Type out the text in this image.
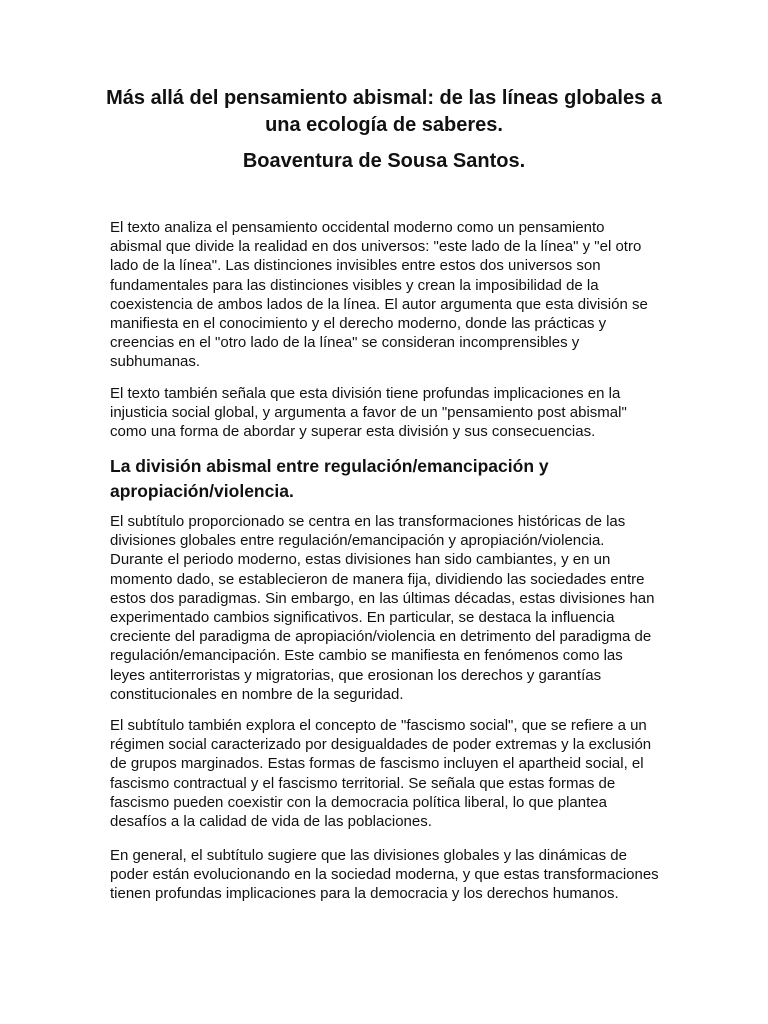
Más allá del pensamiento abismal: de las líneas globales a una ecología de saberes.
Boaventura de Sousa Santos.

El texto analiza el pensamiento occidental moderno como un pensamiento abismal que divide la realidad en dos universos: "este lado de la línea" y "el otro lado de la línea". Las distinciones invisibles entre estos dos universos son fundamentales para las distinciones visibles y crean la imposibilidad de la coexistencia de ambos lados de la línea. El autor argumenta que esta división se manifiesta en el conocimiento y el derecho moderno, donde las prácticas y creencias en el "otro lado de la línea" se consideran incomprensibles y subhumanas.

El texto también señala que esta división tiene profundas implicaciones en la injusticia social global, y argumenta a favor de un "pensamiento post abismal" como una forma de abordar y superar esta división y sus consecuencias.

La división abismal entre regulación/emancipación y apropiación/violencia.

El subtítulo proporcionado se centra en las transformaciones históricas de las divisiones globales entre regulación/emancipación y apropiación/violencia. Durante el periodo moderno, estas divisiones han sido cambiantes, y en un momento dado, se establecieron de manera fija, dividiendo las sociedades entre estos dos paradigmas. Sin embargo, en las últimas décadas, estas divisiones han experimentado cambios significativos. En particular, se destaca la influencia creciente del paradigma de apropiación/violencia en detrimento del paradigma de regulación/emancipación. Este cambio se manifiesta en fenómenos como las leyes antiterroristas y migratorias, que erosionan los derechos y garantías constitucionales en nombre de la seguridad.

El subtítulo también explora el concepto de "fascismo social", que se refiere a un régimen social caracterizado por desigualdades de poder extremas y la exclusión de grupos marginados. Estas formas de fascismo incluyen el apartheid social, el fascismo contractual y el fascismo territorial. Se señala que estas formas de fascismo pueden coexistir con la democracia política liberal, lo que plantea desafíos a la calidad de vida de las poblaciones.

En general, el subtítulo sugiere que las divisiones globales y las dinámicas de poder están evolucionando en la sociedad moderna, y que estas transformaciones tienen profundas implicaciones para la democracia y los derechos humanos.
